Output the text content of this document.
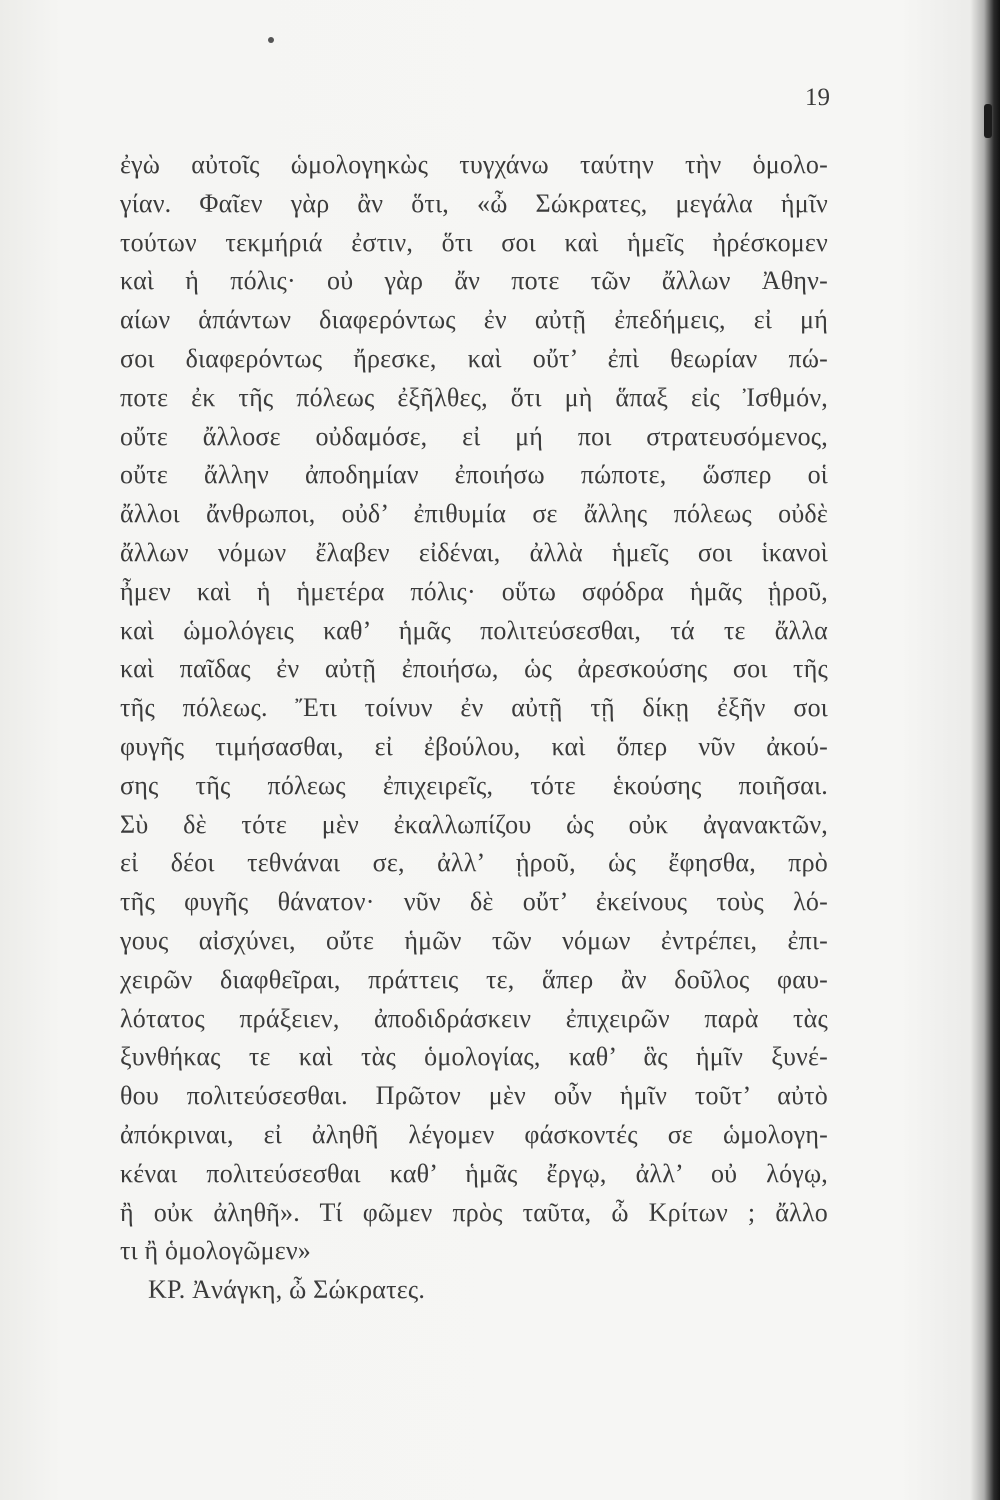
19
ἐγὼ αὐτοῖς ὡμολογηκὼς τυγχάνω ταύτην τὴν ὁμολο-
γίαν. Φαῖεν γὰρ ἂν ὅτι, «ὦ Σώκρατες, μεγάλα ἡμῖν
τούτων τεκμήριά ἐστιν, ὅτι σοι καὶ ἡμεῖς ἠρέσκομεν
καὶ ἡ πόλις· οὐ γὰρ ἄν ποτε τῶν ἄλλων Ἀθην-
αίων ἁπάντων διαφερόντως ἐν αὐτῇ ἐπεδήμεις, εἰ μή
σοι διαφερόντως ἤρεσκε, καὶ οὔτ’ ἐπὶ θεωρίαν πώ-
ποτε ἐκ τῆς πόλεως ἐξῆλθες, ὅτι μὴ ἅπαξ εἰς Ἰσθμόν,
οὔτε ἄλλοσε οὐδαμόσε, εἰ μή ποι στρατευσόμενος,
οὔτε ἄλλην ἀποδημίαν ἐποιήσω πώποτε, ὥσπερ οἱ
ἄλλοι ἄνθρωποι, οὐδ’ ἐπιθυμία σε ἄλλης πόλεως οὐδὲ
ἄλλων νόμων ἔλαβεν εἰδέναι, ἀλλὰ ἡμεῖς σοι ἱκανοὶ
ἦμεν καὶ ἡ ἡμετέρα πόλις· οὕτω σφόδρα ἡμᾶς ᾑροῦ,
καὶ ὡμολόγεις καθ’ ἡμᾶς πολιτεύσεσθαι, τά τε ἄλλα
καὶ παῖδας ἐν αὐτῇ ἐποιήσω, ὡς ἀρεσκούσης σοι τῆς
τῆς πόλεως. Ἔτι τοίνυν ἐν αὐτῇ τῇ δίκῃ ἐξῆν σοι
φυγῆς τιμήσασθαι, εἰ ἐβούλου, καὶ ὅπερ νῦν ἀκού-
σης τῆς πόλεως ἐπιχειρεῖς, τότε ἑκούσης ποιῆσαι.
Σὺ δὲ τότε μὲν ἐκαλλωπίζου ὡς οὐκ ἀγανακτῶν,
εἰ δέοι τεθνάναι σε, ἀλλ’ ᾑροῦ, ὡς ἔφησθα, πρὸ
τῆς φυγῆς θάνατον· νῦν δὲ οὔτ’ ἐκείνους τοὺς λό-
γους αἰσχύνει, οὔτε ἡμῶν τῶν νόμων ἐντρέπει, ἐπι-
χειρῶν διαφθεῖραι, πράττεις τε, ἅπερ ἂν δοῦλος φαυ-
λότατος πράξειεν, ἀποδιδράσκειν ἐπιχειρῶν παρὰ τὰς
ξυνθήκας τε καὶ τὰς ὁμολογίας, καθ’ ἃς ἡμῖν ξυνέ-
θου πολιτεύσεσθαι. Πρῶτον μὲν οὖν ἡμῖν τοῦτ’ αὐτὸ
ἀπόκριναι, εἰ ἀληθῆ λέγομεν φάσκοντές σε ὡμολογη-
κέναι πολιτεύσεσθαι καθ’ ἡμᾶς ἔργῳ, ἀλλ’ οὐ λόγῳ,
ἢ οὐκ ἀληθῆ». Τί φῶμεν πρὸς ταῦτα, ὦ Κρίτων ; ἄλλο
τι ἢ ὁμολογῶμεν»
ΚΡ. Ἀνάγκη, ὦ Σώκρατες.
